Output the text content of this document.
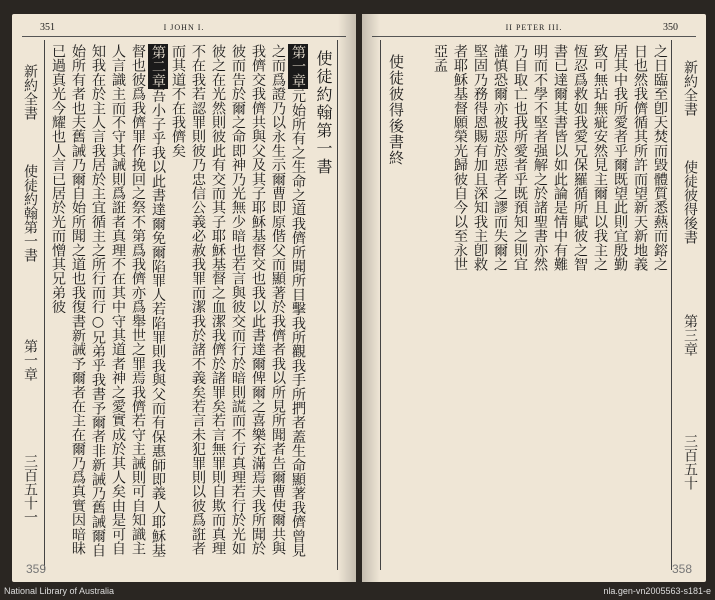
351	I JOHN I.
新約全書
使徒約翰第一書
第一章
三百五十一
使徒約翰第一書

第一章元始所有之生命之道我儕所聞所目擊我所觀我手所捫者蓋生命顯著我儕曾見之而爲證乃以永生示爾曹即原偕父而顯著於我儕者我以所見所聞者告爾曹使爾共與我儕交我儕共與父及其子耶穌基督交也我以此書達爾俾爾之喜樂充滿焉夫我所聞於彼而告於爾之命即神乃光無少暗也若言與彼交而行於暗則謊而不行真理若行於光如彼之在光然則彼此有交而其子耶穌基督之血潔我儕於諸罪矣若言無罪則自欺而真理不在我若認罪則彼乃忠信公義必赦我罪而潔我於諸不義矣若言未犯罪則以彼爲誑者而其道不在我儕矣

第二章吾小子乎我以此書達爾免爾陷罪人若陷罪則我與父而有保惠師即義人耶穌基督也彼爲我儕罪作挽回之祭不第爲我儕亦爲舉世之罪焉我儕若守主誡則可自知識主人言識主而不守其誡則爲誑者真理不在其中守其道者神之愛實成於其人矣由是可自知我在於主人言我居於主宜循主之所行而行○兄弟乎我書予爾者非新誡乃舊誡爾自始所有者也夫舊誡乃爾自始所聞之道也我復書新誡予爾者在主在爾乃爲真實因暗昧已過真光今耀也人言已居於光而憎其兄弟彼

359
II PETER III.	350

之日臨至卽天焚而毀體質悉爇而鎔之日也然我儕循其所許而望新天新地義居其中我所愛者乎爾既望此則宜殷勤致可無玷無疵安然見主爾且以我主之恆忍爲救如我愛兄保羅循所賦彼之智書已達爾其書皆以如此論是情中有難明而不學不堅者强解之於諸聖書亦然乃自取亡也我所愛者乎既預知之則宜謹慎恐爾亦被惡於惡者之謬而失爾之堅固乃務得恩賜有加且深知我主卽救者耶穌基督願榮光歸彼自今以至永世亞孟

使徒彼得後書終	新約全書
使徒彼得後書
第三章
三百五十
358
National Library of Australia	nla.gen-vn2005563-s181-e
